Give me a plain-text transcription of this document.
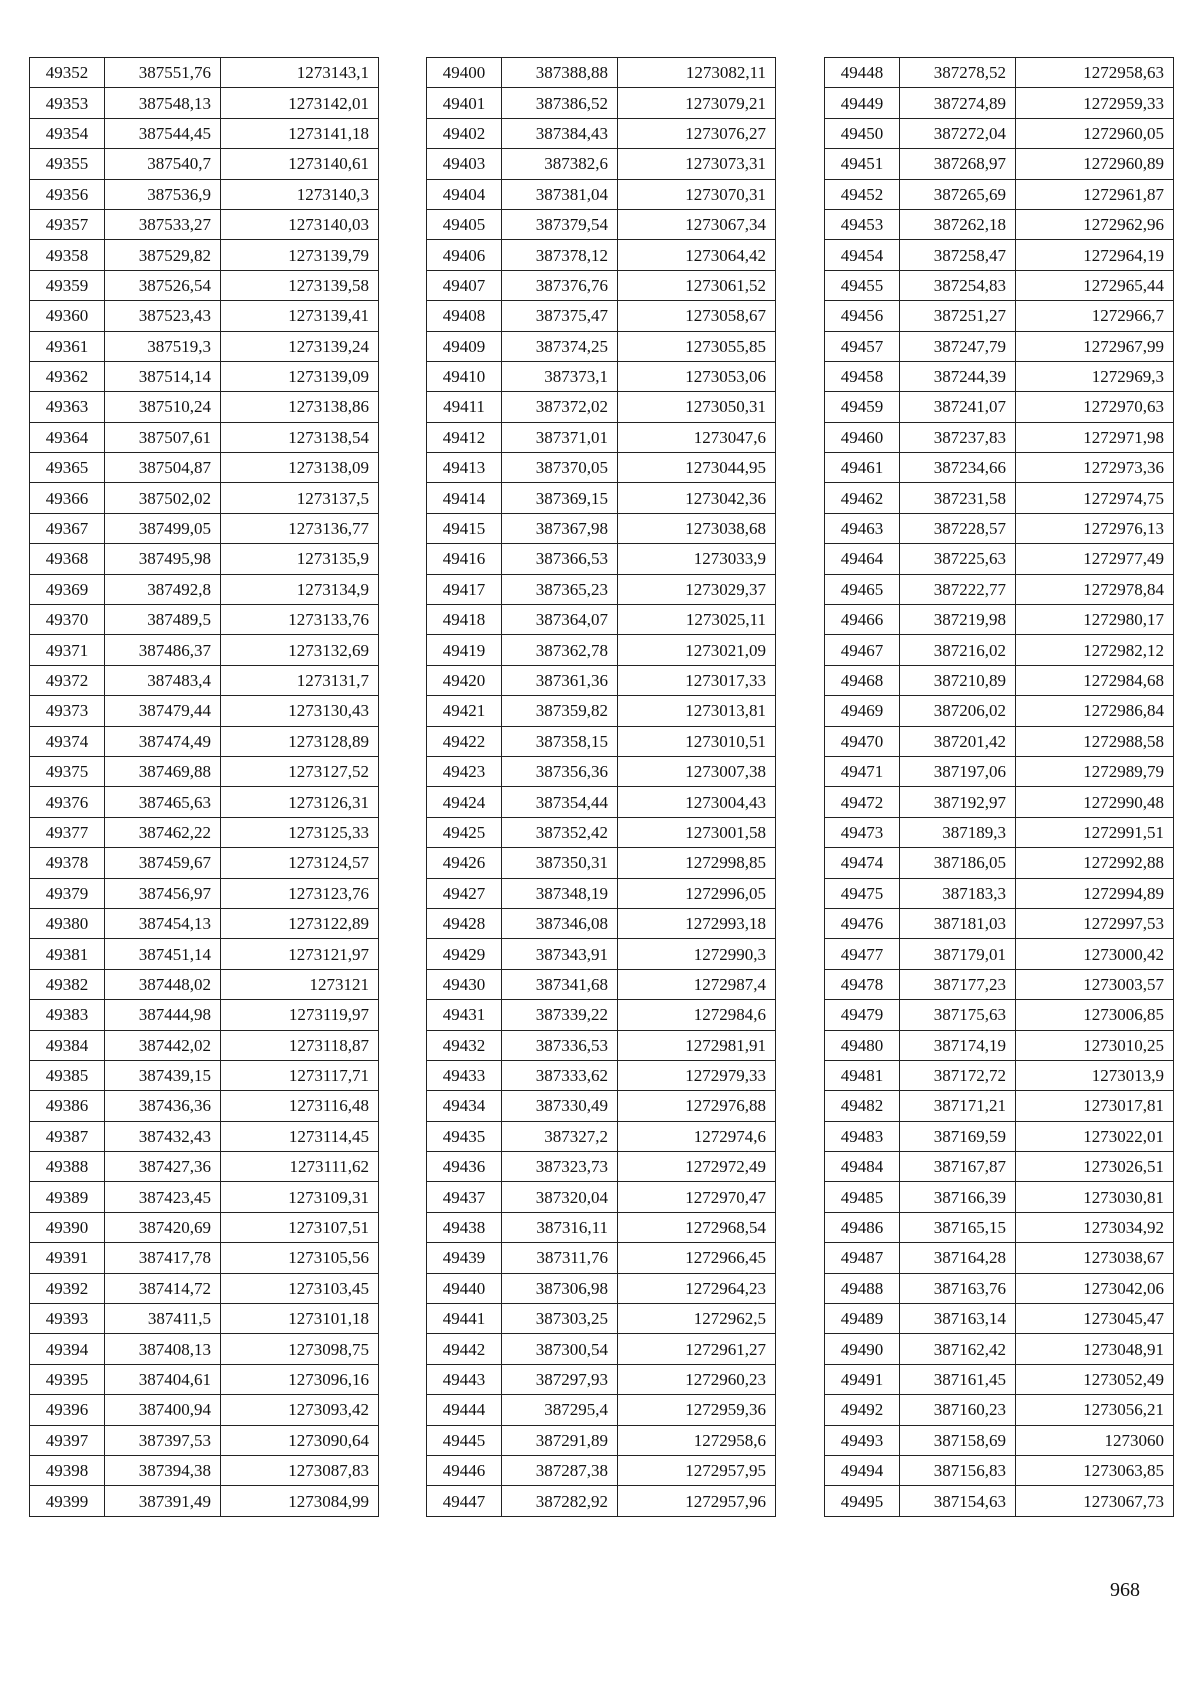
49352	387551,76	1273143,1
49353	387548,13	1273142,01
49354	387544,45	1273141,18
49355	387540,7	1273140,61
49356	387536,9	1273140,3
49357	387533,27	1273140,03
49358	387529,82	1273139,79
49359	387526,54	1273139,58
49360	387523,43	1273139,41
49361	387519,3	1273139,24
49362	387514,14	1273139,09
49363	387510,24	1273138,86
49364	387507,61	1273138,54
49365	387504,87	1273138,09
49366	387502,02	1273137,5
49367	387499,05	1273136,77
49368	387495,98	1273135,9
49369	387492,8	1273134,9
49370	387489,5	1273133,76
49371	387486,37	1273132,69
49372	387483,4	1273131,7
49373	387479,44	1273130,43
49374	387474,49	1273128,89
49375	387469,88	1273127,52
49376	387465,63	1273126,31
49377	387462,22	1273125,33
49378	387459,67	1273124,57
49379	387456,97	1273123,76
49380	387454,13	1273122,89
49381	387451,14	1273121,97
49382	387448,02	1273121
49383	387444,98	1273119,97
49384	387442,02	1273118,87
49385	387439,15	1273117,71
49386	387436,36	1273116,48
49387	387432,43	1273114,45
49388	387427,36	1273111,62
49389	387423,45	1273109,31
49390	387420,69	1273107,51
49391	387417,78	1273105,56
49392	387414,72	1273103,45
49393	387411,5	1273101,18
49394	387408,13	1273098,75
49395	387404,61	1273096,16
49396	387400,94	1273093,42
49397	387397,53	1273090,64
49398	387394,38	1273087,83
49399	387391,49	1273084,99
49400	387388,88	1273082,11
49401	387386,52	1273079,21
49402	387384,43	1273076,27
49403	387382,6	1273073,31
49404	387381,04	1273070,31
49405	387379,54	1273067,34
49406	387378,12	1273064,42
49407	387376,76	1273061,52
49408	387375,47	1273058,67
49409	387374,25	1273055,85
49410	387373,1	1273053,06
49411	387372,02	1273050,31
49412	387371,01	1273047,6
49413	387370,05	1273044,95
49414	387369,15	1273042,36
49415	387367,98	1273038,68
49416	387366,53	1273033,9
49417	387365,23	1273029,37
49418	387364,07	1273025,11
49419	387362,78	1273021,09
49420	387361,36	1273017,33
49421	387359,82	1273013,81
49422	387358,15	1273010,51
49423	387356,36	1273007,38
49424	387354,44	1273004,43
49425	387352,42	1273001,58
49426	387350,31	1272998,85
49427	387348,19	1272996,05
49428	387346,08	1272993,18
49429	387343,91	1272990,3
49430	387341,68	1272987,4
49431	387339,22	1272984,6
49432	387336,53	1272981,91
49433	387333,62	1272979,33
49434	387330,49	1272976,88
49435	387327,2	1272974,6
49436	387323,73	1272972,49
49437	387320,04	1272970,47
49438	387316,11	1272968,54
49439	387311,76	1272966,45
49440	387306,98	1272964,23
49441	387303,25	1272962,5
49442	387300,54	1272961,27
49443	387297,93	1272960,23
49444	387295,4	1272959,36
49445	387291,89	1272958,6
49446	387287,38	1272957,95
49447	387282,92	1272957,96
49448	387278,52	1272958,63
49449	387274,89	1272959,33
49450	387272,04	1272960,05
49451	387268,97	1272960,89
49452	387265,69	1272961,87
49453	387262,18	1272962,96
49454	387258,47	1272964,19
49455	387254,83	1272965,44
49456	387251,27	1272966,7
49457	387247,79	1272967,99
49458	387244,39	1272969,3
49459	387241,07	1272970,63
49460	387237,83	1272971,98
49461	387234,66	1272973,36
49462	387231,58	1272974,75
49463	387228,57	1272976,13
49464	387225,63	1272977,49
49465	387222,77	1272978,84
49466	387219,98	1272980,17
49467	387216,02	1272982,12
49468	387210,89	1272984,68
49469	387206,02	1272986,84
49470	387201,42	1272988,58
49471	387197,06	1272989,79
49472	387192,97	1272990,48
49473	387189,3	1272991,51
49474	387186,05	1272992,88
49475	387183,3	1272994,89
49476	387181,03	1272997,53
49477	387179,01	1273000,42
49478	387177,23	1273003,57
49479	387175,63	1273006,85
49480	387174,19	1273010,25
49481	387172,72	1273013,9
49482	387171,21	1273017,81
49483	387169,59	1273022,01
49484	387167,87	1273026,51
49485	387166,39	1273030,81
49486	387165,15	1273034,92
49487	387164,28	1273038,67
49488	387163,76	1273042,06
49489	387163,14	1273045,47
49490	387162,42	1273048,91
49491	387161,45	1273052,49
49492	387160,23	1273056,21
49493	387158,69	1273060
49494	387156,83	1273063,85
49495	387154,63	1273067,73
968
